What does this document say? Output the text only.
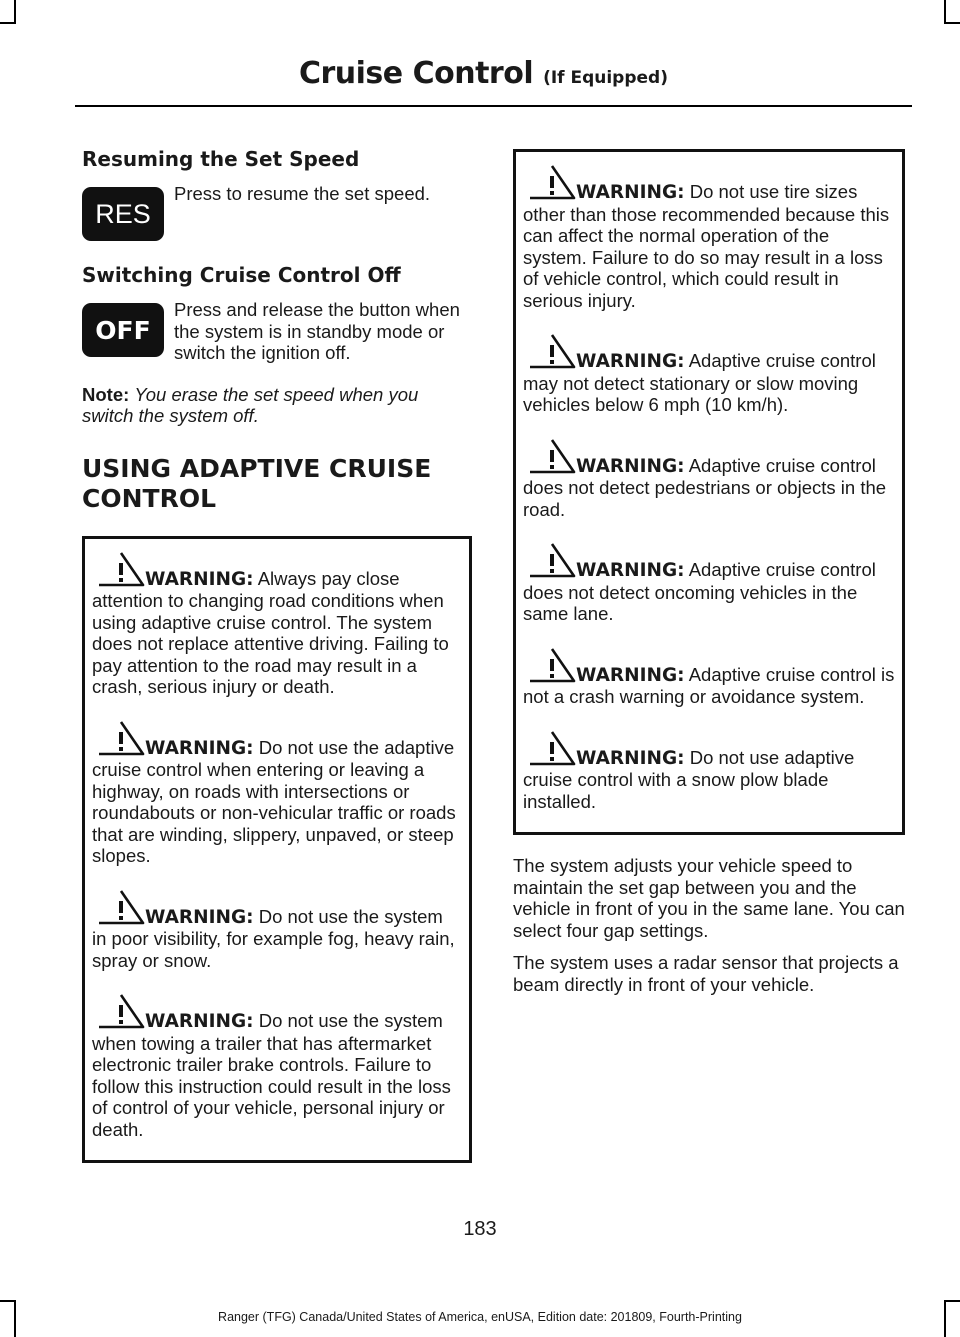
Cruise Control (If Equipped)
Resuming the Set Speed
RES

Press to resume the set speed.

Switching Cruise Control Off
OFF

Press and release the button when the system is in standby mode or switch the ignition off.

Note: You erase the set speed when you switch the system off.

USING ADAPTIVE CRUISE
CONTROL

WARNING: Always pay close attention to changing road conditions when using adaptive cruise control. The system does not replace attentive driving. Failing to pay attention to the road may result in a crash, serious injury or death.

WARNING: Do not use the adaptive cruise control when entering or leaving a highway, on roads with intersections or roundabouts or non-vehicular traffic or roads that are winding, slippery, unpaved, or steep slopes.

WARNING: Do not use the system in poor visibility, for example fog, heavy rain, spray or snow.

WARNING: Do not use the system when towing a trailer that has aftermarket electronic trailer brake controls. Failure to follow this instruction could result in the loss of control of your vehicle, personal injury or death.

WARNING: Do not use tire sizes other than those recommended because this can affect the normal operation of the system. Failure to do so may result in a loss of vehicle control, which could result in serious injury.

WARNING: Adaptive cruise control may not detect stationary or slow moving vehicles below 6 mph (10 km/h).

WARNING: Adaptive cruise control does not detect pedestrians or objects in the road.

WARNING: Adaptive cruise control does not detect oncoming vehicles in the same lane.

WARNING: Adaptive cruise control is not a crash warning or avoidance system.

WARNING: Do not use adaptive cruise control with a snow plow blade installed.

The system adjusts your vehicle speed to maintain the set gap between you and the vehicle in front of you in the same lane. You can select four gap settings.

The system uses a radar sensor that projects a beam directly in front of your vehicle.

183
Ranger (TFG) Canada/United States of America, enUSA, Edition date: 201809, Fourth-Printing
